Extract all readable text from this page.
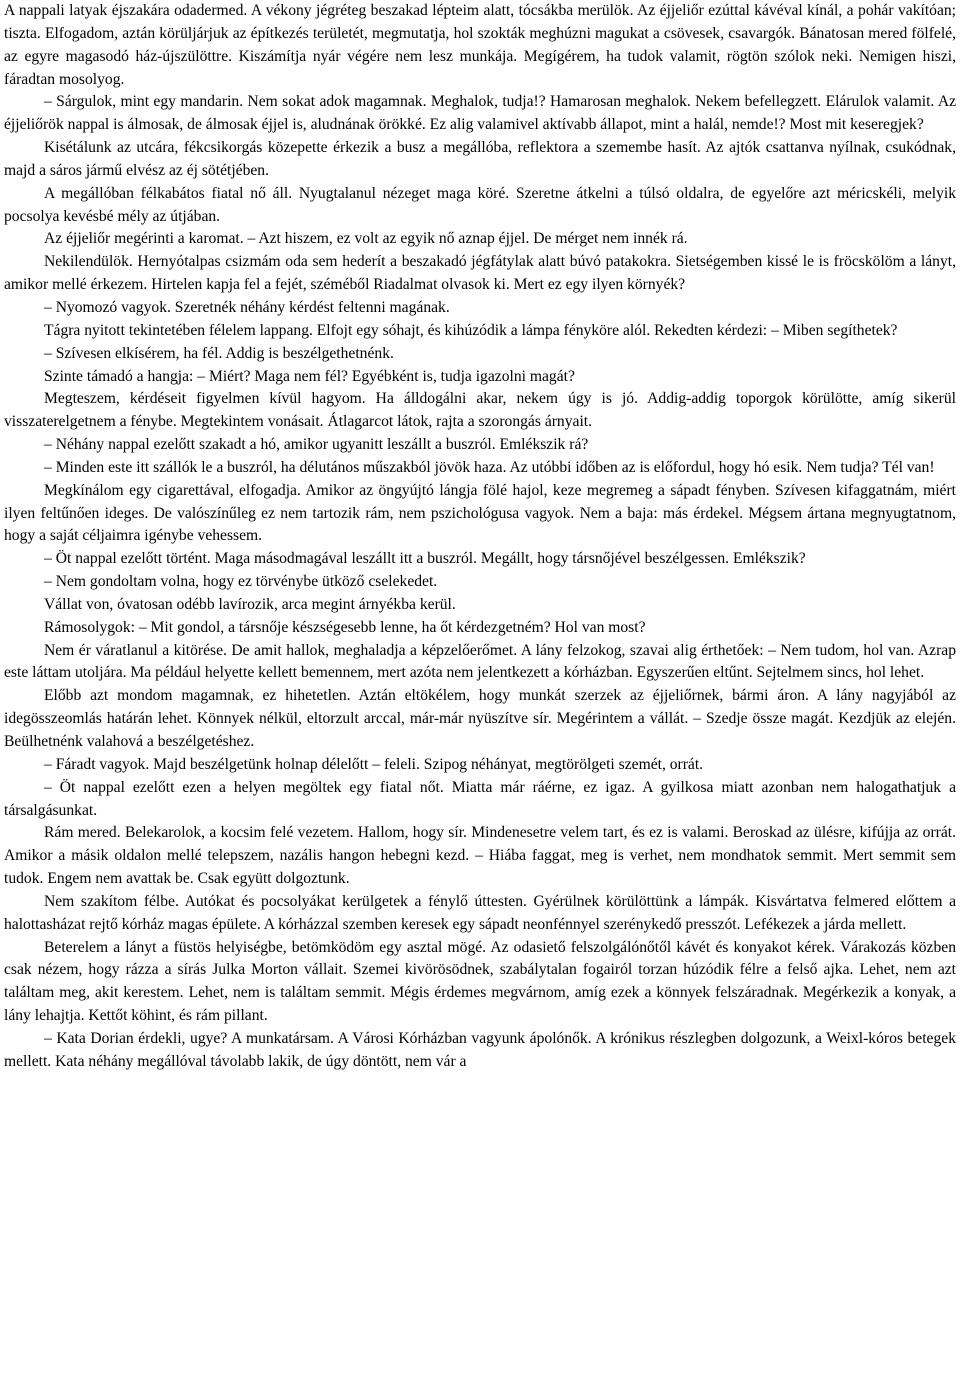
A nappali latyak éjszakára odadermed. A vékony jégréteg beszakad lépteim alatt, tócsákba merülök. Az éjjeliőr ezúttal kávéval kínál, a pohár vakítóan; tiszta. Elfogadom, aztán körüljárjuk az építkezés területét, megmutatja, hol szokták meghúzni magukat a csövesek, csavargók. Bánatosan mered fölfelé, az egyre magasodó ház-újszülöttre. Kiszámítja nyár végére nem lesz munkája. Megígérem, ha tudok valamit, rögtön szólok neki. Nemigen hiszi, fáradtan mosolyog.

– Sárgulok, mint egy mandarin. Nem sokat adok magamnak. Meghalok, tudja!? Hamarosan meghalok. Nekem befellegzett. Elárulok valamit. Az éjjeliőrök nappal is álmosak, de álmosak éjjel is, aludnának örökké. Ez alig valamivel aktívabb állapot, mint a halál, nemde!? Most mit keseregjek?

Kisétálunk az utcára, fékcsikorgás közepette érkezik a busz a megállóba, reflektora a szemembe hasít. Az ajtók csattanva nyílnak, csukódnak, majd a sáros jármű elvész az éj sötétjében.

A megállóban félkabátos fiatal nő áll. Nyugtalanul nézeget maga köré. Szeretne átkelni a túlsó oldalra, de egyelőre azt méricskéli, melyik pocsolya kevésbé mély az útjában.

Az éjjeliőr megérinti a karomat. – Azt hiszem, ez volt az egyik nő aznap éjjel. De mérget nem innék rá.

Nekilendülök. Hernyótalpas csizmám oda sem hederít a beszakadó jégfátylak alatt búvó patakokra. Sietségemben kissé le is fröcskölöm a lányt, amikor mellé érkezem. Hirtelen kapja fel a fejét, széméből Riadalmat olvasok ki. Mert ez egy ilyen környék?

– Nyomozó vagyok. Szeretnék néhány kérdést feltenni magának.

Tágra nyitott tekintetében félelem lappang. Elfojt egy sóhajt, és kihúzódik a lámpa fényköre alól. Rekedten kérdezi: – Miben segíthetek?

– Szívesen elkísérem, ha fél. Addig is beszélgethetnénk.

Szinte támadó a hangja: – Miért? Maga nem fél? Egyébként is, tudja igazolni magát?

Megteszem, kérdéseit figyelmen kívül hagyom. Ha álldogálni akar, nekem úgy is jó. Addig-addig toporgok körülötte, amíg sikerül visszaterelgetnem a fénybe. Megtekintem vonásait. Átlagarcot látok, rajta a szorongás árnyait.

– Néhány nappal ezelőtt szakadt a hó, amikor ugyanitt leszállt a buszról. Emlékszik rá?

– Minden este itt szállók le a buszról, ha délutános műszakból jövök haza. Az utóbbi időben az is előfordul, hogy hó esik. Nem tudja? Tél van!

Megkínálom egy cigarettával, elfogadja. Amikor az öngyújtó lángja fölé hajol, keze megremeg a sápadt fényben. Szívesen kifaggatnám, miért ilyen feltűnően ideges. De valószínűleg ez nem tartozik rám, nem pszichológusa vagyok. Nem a baja: más érdekel. Mégsem ártana megnyugtatnom, hogy a saját céljaimra igénybe vehessem.

– Öt nappal ezelőtt történt. Maga másodmagával leszállt itt a buszról. Megállt, hogy társnőjével beszélgessen. Emlékszik?

– Nem gondoltam volna, hogy ez törvénybe ütköző cselekedet.

Vállat von, óvatosan odébb lavírozik, arca megint árnyékba kerül.

Rámosolygok: – Mit gondol, a társnője készségesebb lenne, ha őt kérdezgetném? Hol van most?

Nem ér váratlanul a kitörése. De amit hallok, meghaladja a képzelőerőmet. A lány felzokog, szavai alig érthetőek: – Nem tudom, hol van. Azrap este láttam utoljára. Ma például helyette kellett bemennem, mert azóta nem jelentkezett a kórházban. Egyszerűen eltűnt. Sejtelmem sincs, hol lehet.

Előbb azt mondom magamnak, ez hihetetlen. Aztán eltökélem, hogy munkát szerzek az éjjeliőrnek, bármi áron. A lány nagyjából az idegösszeomlás határán lehet. Könnyek nélkül, eltorzult arccal, már-már nyüszítve sír. Megérintem a vállát. – Szedje össze magát. Kezdjük az elején. Beülhetnénk valahová a beszélgetéshez.

– Fáradt vagyok. Majd beszélgetünk holnap délelőtt – feleli. Szipog néhányat, megtörölgeti szemét, orrát.

– Öt nappal ezelőtt ezen a helyen megöltek egy fiatal nőt. Miatta már ráérne, ez igaz. A gyilkosa miatt azonban nem halogathatjuk a társalgásunkat.

Rám mered. Belekarolok, a kocsim felé vezetem. Hallom, hogy sír. Mindenesetre velem tart, és ez is valami. Beroskad az ülésre, kifújja az orrát. Amikor a másik oldalon mellé telepszem, nazális hangon hebegni kezd. – Hiába faggat, meg is verhet, nem mondhatok semmit. Mert semmit sem tudok. Engem nem avattak be. Csak együtt dolgoztunk.

Nem szakítom félbe. Autókat és pocsolyákat kerülgetek a fénylő úttesten. Gyérülnek körülöttünk a lámpák. Kisvártatva felmered előttem a halottasházat rejtő kórház magas épülete. A kórházzal szemben keresek egy sápadt neonfénnyel szerénykedő presszót. Lefékezek a járda mellett.

Beterelem a lányt a füstös helyiségbe, betömködöm egy asztal mögé. Az odasiető felszolgálónőtől kávét és konyakot kérek. Várakozás közben csak nézem, hogy rázza a sírás Julka Morton vállait. Szemei kivörösödnek, szabálytalan fogairól torzan húzódik félre a felső ajka. Lehet, nem azt találtam meg, akit kerestem. Lehet, nem is találtam semmit. Mégis érdemes megvárnom, amíg ezek a könnyek felszáradnak. Megérkezik a konyak, a lány lehajtja. Kettőt köhint, és rám pillant.

– Kata Dorian érdekli, ugye? A munkatársam. A Városi Kórházban vagyunk ápolónők. A krónikus részlegben dolgozunk, a Weixl-kóros betegek mellett. Kata néhány megállóval távolabb lakik, de úgy döntött, nem vár a
